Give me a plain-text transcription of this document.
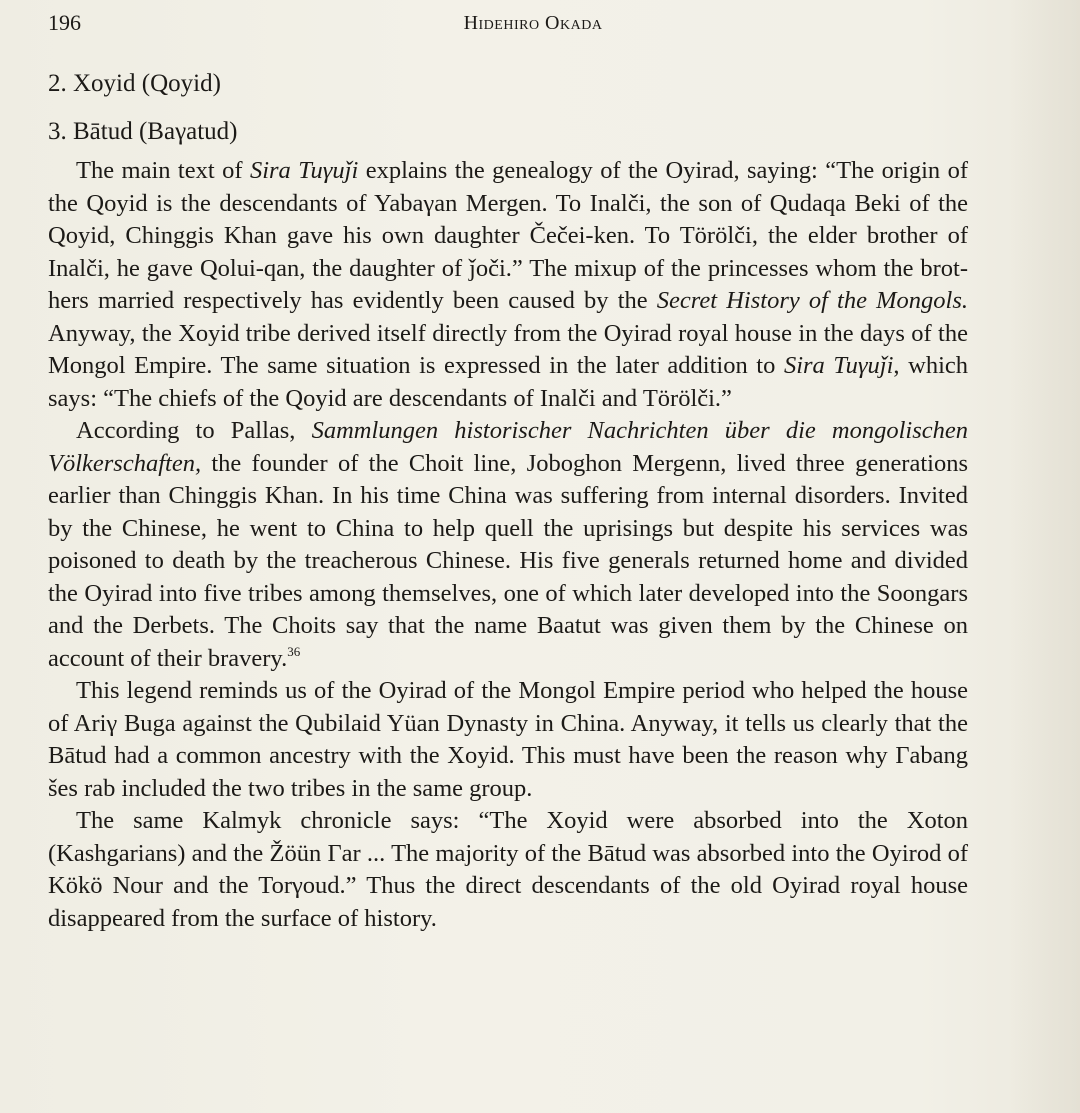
196	Hidehiro Okada

2. Xoyid (Qoyid)

3. Bātud (Baγatud)

The main text of Sira Tuγuǰi explains the genealogy of the Oyirad, saying: “The origin of the Qoyid is the descendants of Yabaγan Mergen. To Inalči, the son of Qudaqa Beki of the Qoyid, Chinggis Khan gave his own daughter Čečei-ken. To Törölči, the elder brother of Inalči, he gave Qolui-qan, the daughter of ǰoči.” The mixup of the princesses whom the brothers married respectively has evidently been caused by the Secret History of the Mongols. Anyway, the Xoyid tribe derived itself directly from the Oyirad royal house in the days of the Mongol Empire. The same situation is expressed in the later addition to Sira Tuγuǰi, which says: “The chiefs of the Qoyid are descendants of Inalči and Törölči.”

According to Pallas, Sammlungen historischer Nachrichten über die mongolischen Völkerschaften, the founder of the Choit line, Joboghon Mergenn, lived three generations earlier than Chinggis Khan. In his time China was suffering from internal disorders. Invited by the Chinese, he went to China to help quell the uprisings but despite his services was poisoned to death by the treacherous Chinese. His five generals returned home and divided the Oyirad into five tribes among themselves, one of which later developed into the Soongars and the Derbets. The Choits say that the name Baatut was given them by the Chinese on account of their bravery.$^{36}$

This legend reminds us of the Oyirad of the Mongol Empire period who helped the house of Ariγ Buga against the Qubilaid Yüan Dynasty in China. Anyway, it tells us clearly that the Bātud had a common ancestry with the Xoyid. This must have been the reason why Γabang šes rab included the two tribes in the same group.

The same Kalmyk chronicle says: “The Xoyid were absorbed into the Xoton (Kashgarians) and the Žöün Γar ... The majority of the Bātud was absorbed into the Oyirod of Kökö Nour and the Torγoud.” Thus the direct descendants of the old Oyirad royal house disappeared from the surface of history.
